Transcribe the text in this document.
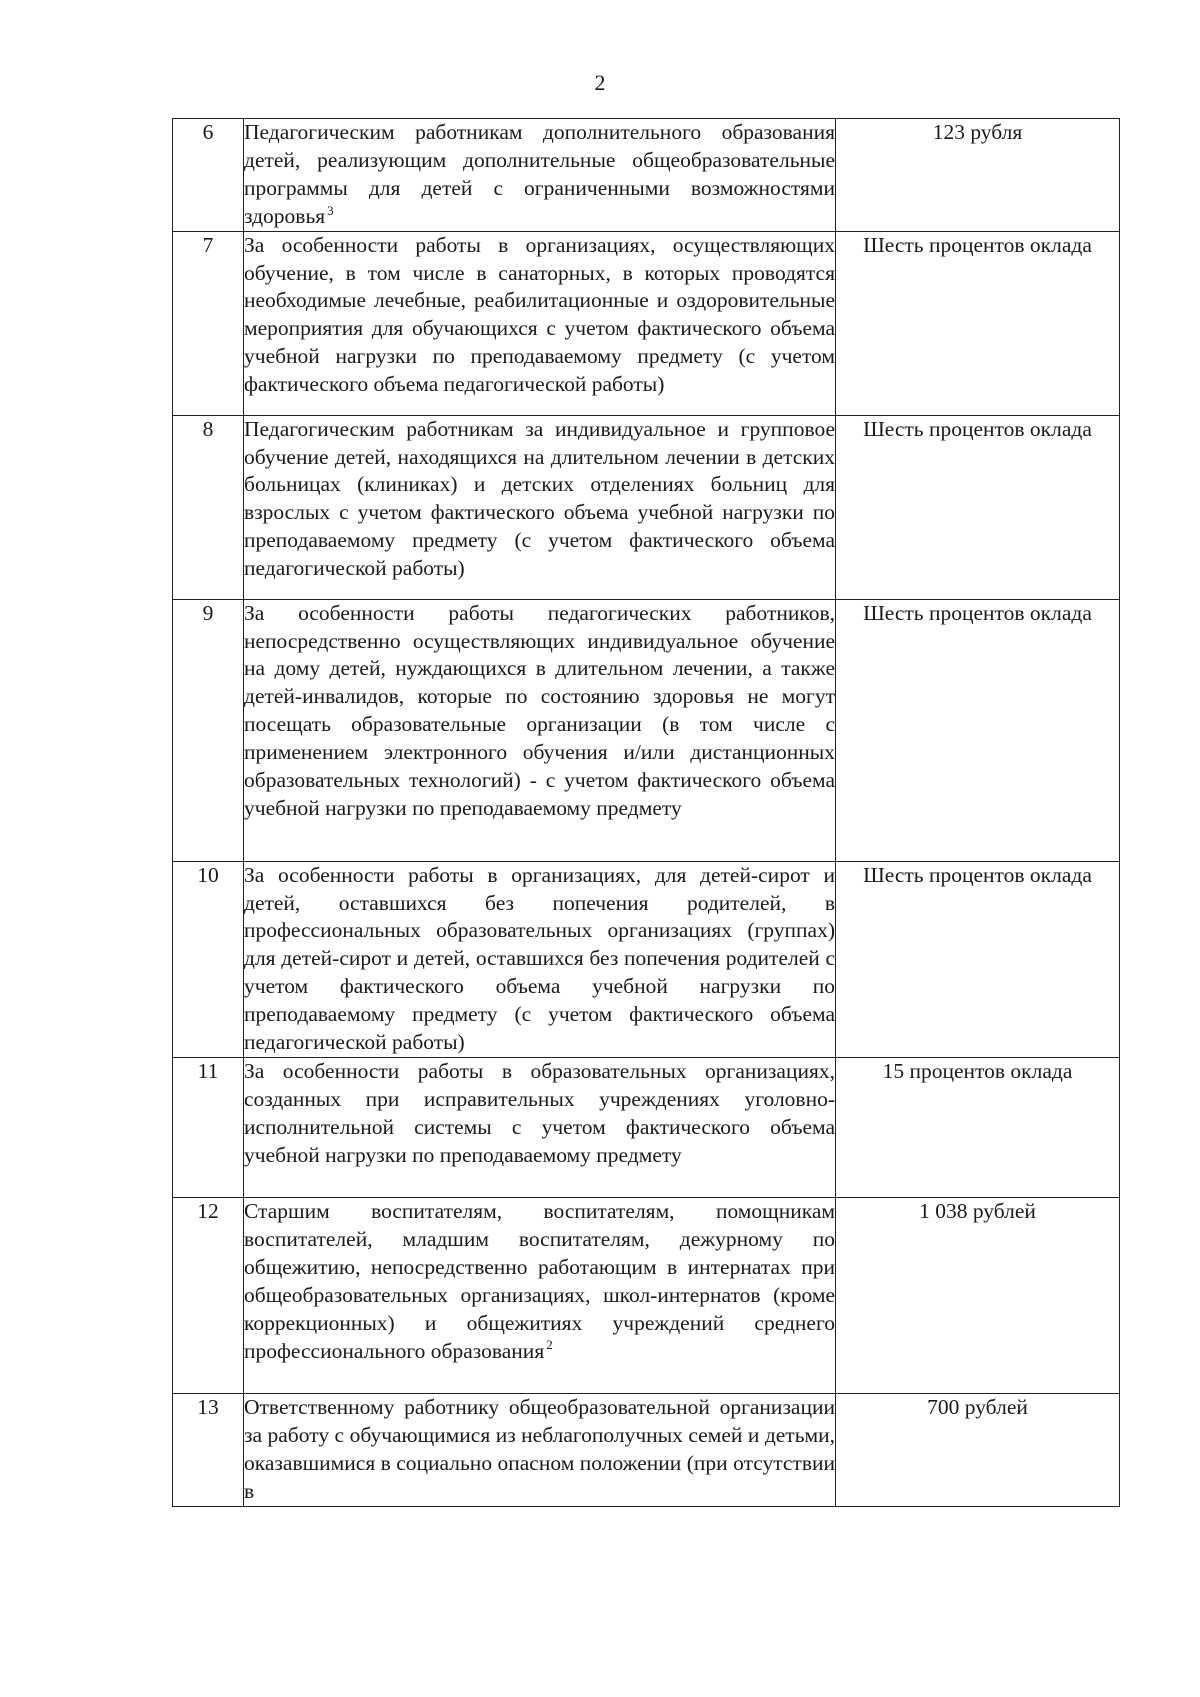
2
6	Педагогическим работникам дополнительного образования детей, реализующим дополнительные общеобразовательные программы для детей с ограниченными возможностями здоровья $^3$	123 рубля
7	За особенности работы в организациях, осуществляющих обучение, в том числе в санаторных, в которых проводятся необходимые лечебные, реабилитационные и оздоровительные мероприятия для обучающихся с учетом фактического объема учебной нагрузки по преподаваемому предмету (с учетом фактического объема педагогической работы)	Шесть процентов оклада
8	Педагогическим работникам за индивидуальное и групповое обучение детей, находящихся на длительном лечении в детских больницах (клиниках) и детских отделениях больниц для взрослых с учетом фактического объема учебной нагрузки по преподаваемому предмету (с учетом фактического объема педагогической работы)	Шесть процентов оклада
9	За особенности работы педагогических работников, непосредственно осуществляющих индивидуальное обучение на дому детей, нуждающихся в длительном лечении, а также детей-инвалидов, которые по состоянию здоровья не могут посещать образовательные организации (в том числе с применением электронного обучения и/или дистанционных образовательных технологий) - с учетом фактического объема учебной нагрузки по преподаваемому предмету	Шесть процентов оклада
10	За особенности работы в организациях, для детей-сирот и детей, оставшихся без попечения родителей, в профессиональных образовательных организациях (группах) для детей-сирот и детей, оставшихся без попечения родителей с учетом фактического объема учебной нагрузки по преподаваемому предмету (с учетом фактического объема педагогической работы)	Шесть процентов оклада
11	За особенности работы в образовательных организациях, созданных при исправительных учреждениях уголовно-исполнительной системы с учетом фактического объема учебной нагрузки по преподаваемому предмету	15 процентов оклада
12	Старшим воспитателям, воспитателям, помощникам воспитателей, младшим воспитателям, дежурному по общежитию, непосредственно работающим в интернатах при общеобразовательных организациях, школ-интернатов (кроме коррекционных) и общежитиях учреждений среднего профессионального образования $^2$	1 038 рублей
13	Ответственному работнику общеобразовательной организации за работу с обучающимися из неблагополучных семей и детьми, оказавшимися в социально опасном положении (при отсутствии в	700 рублей
